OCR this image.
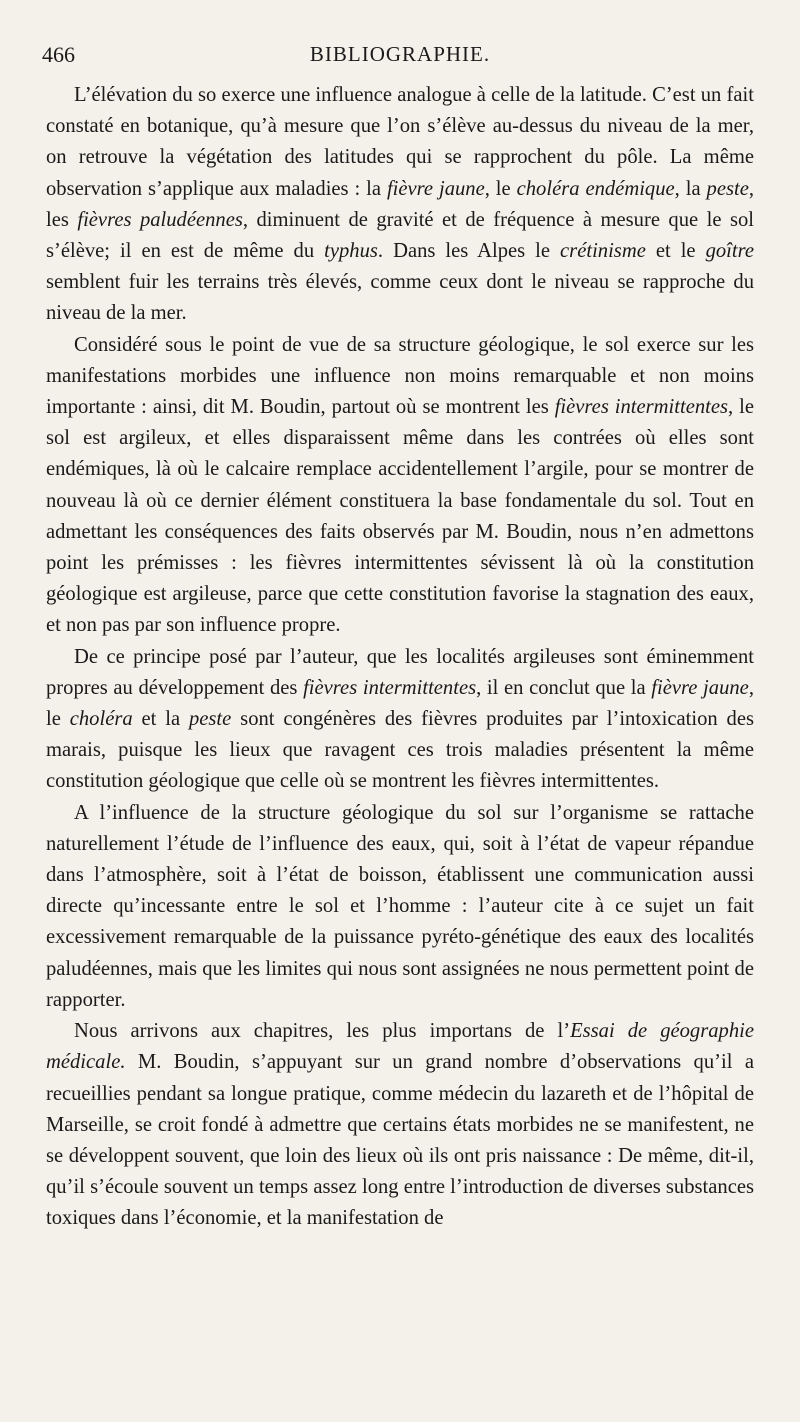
466	BIBLIOGRAPHIE.

L’élévation du so exerce une influence analogue à celle de la latitude. C’est un fait constaté en botanique, qu’à mesure que l’on s’élève au-dessus du niveau de la mer, on retrouve la végétation des latitudes qui se rapprochent du pôle. La même observation s’applique aux maladies : la fièvre jaune, le choléra endémique, la peste, les fièvres paludéennes, diminuent de gravité et de fréquence à mesure que le sol s’élève; il en est de même du typhus. Dans les Alpes le crétinisme et le goître semblent fuir les terrains très élevés, comme ceux dont le niveau se rapproche du niveau de la mer.

Considéré sous le point de vue de sa structure géologique, le sol exerce sur les manifestations morbides une influence non moins remarquable et non moins importante : ainsi, dit M. Boudin, partout où se montrent les fièvres intermittentes, le sol est argileux, et elles disparaissent même dans les contrées où elles sont endémiques, là où le calcaire remplace accidentellement l’argile, pour se montrer de nouveau là où ce dernier élément constituera la base fondamentale du sol. Tout en admettant les conséquences des faits observés par M. Boudin, nous n’en admettons point les prémisses : les fièvres intermittentes sévissent là où la constitution géologique est argileuse, parce que cette constitution favorise la stagnation des eaux, et non pas par son influence propre.

De ce principe posé par l’auteur, que les localités argileuses sont éminemment propres au développement des fièvres intermittentes, il en conclut que la fièvre jaune, le choléra et la peste sont congénères des fièvres produites par l’intoxication des marais, puisque les lieux que ravagent ces trois maladies présentent la même constitution géologique que celle où se montrent les fièvres intermittentes.

A l’influence de la structure géologique du sol sur l’organisme se rattache naturellement l’étude de l’influence des eaux, qui, soit à l’état de vapeur répandue dans l’atmosphère, soit à l’état de boisson, établissent une communication aussi directe qu’incessante entre le sol et l’homme : l’auteur cite à ce sujet un fait excessivement remarquable de la puissance pyréto-génétique des eaux des localités paludéennes, mais que les limites qui nous sont assignées ne nous permettent point de rapporter.

Nous arrivons aux chapitres, les plus importans de l’Essai de géographie médicale. M. Boudin, s’appuyant sur un grand nombre d’observations qu’il a recueillies pendant sa longue pratique, comme médecin du lazareth et de l’hôpital de Marseille, se croit fondé à admettre que certains états morbides ne se manifestent, ne se développent souvent, que loin des lieux où ils ont pris naissance : De même, dit-il, qu’il s’écoule souvent un temps assez long entre l’introduction de diverses substances toxiques dans l’économie, et la manifestation de
